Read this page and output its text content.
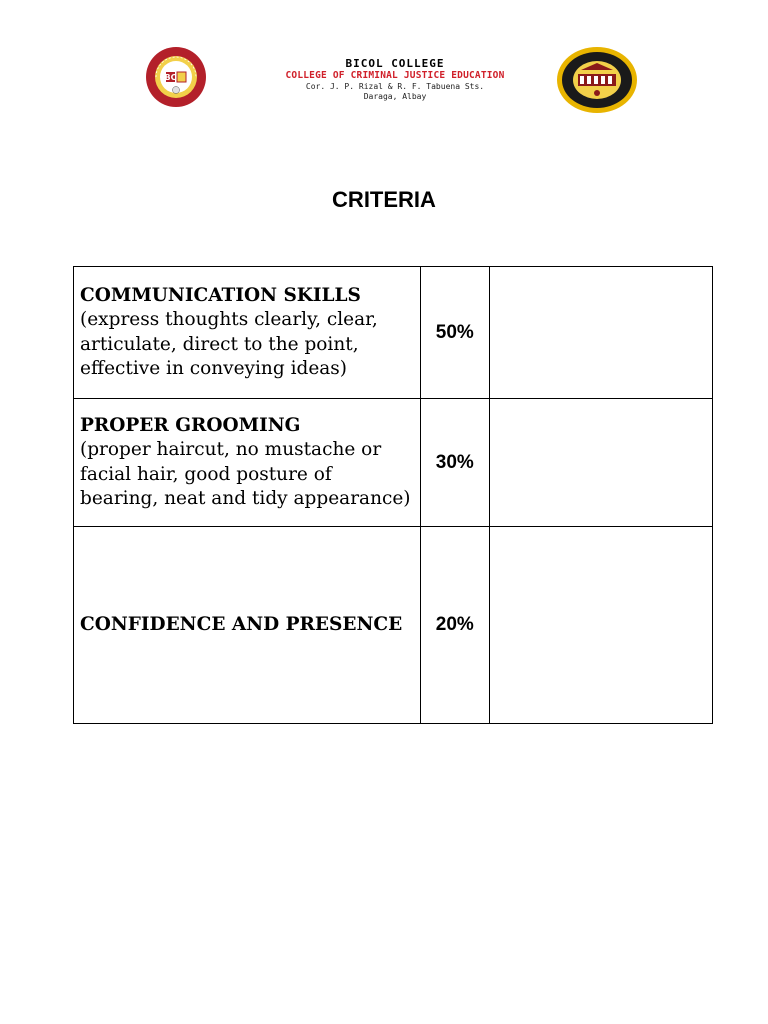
BC
BICOL COLLEGE
COLLEGE OF CRIMINAL JUSTICE EDUCATION
Cor. J. P. Rizal & R. F. Tabuena Sts.
Daraga, Albay
CRITERIA
COMMUNICATION SKILLS
(express thoughts clearly, clear, articulate, direct to the point, effective in conveying ideas)	50%	

PROPER GROOMING
(proper haircut, no mustache or facial hair, good posture of bearing, neat and tidy appearance)	30%	

CONFIDENCE AND PRESENCE	20%	
